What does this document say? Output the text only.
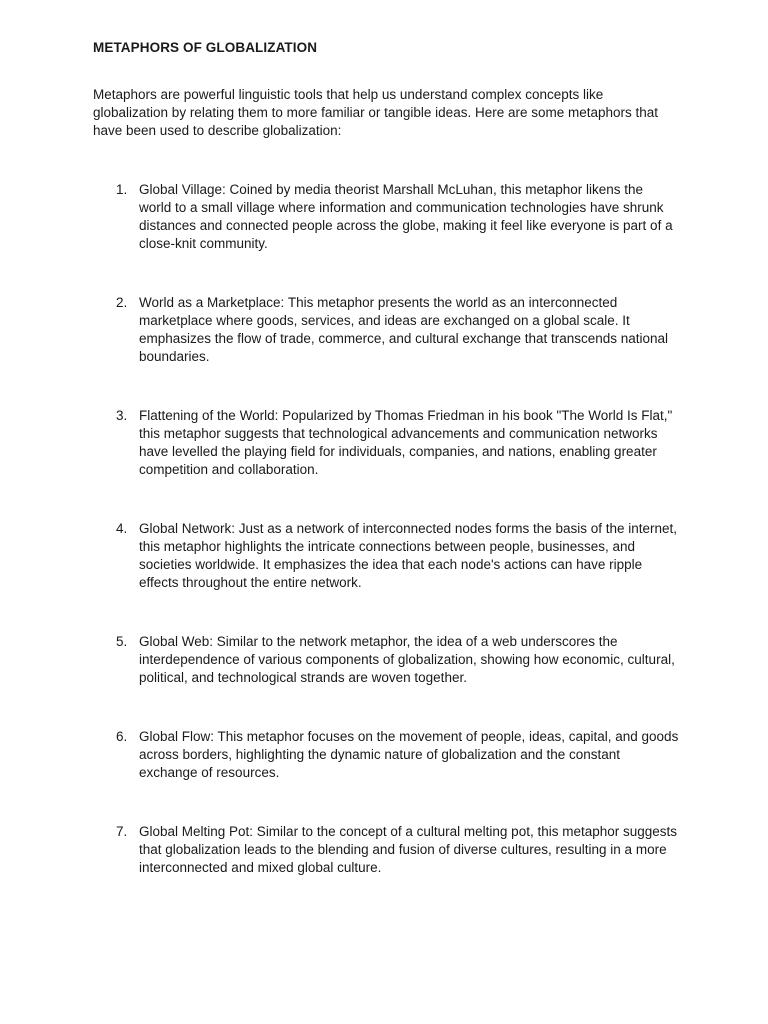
METAPHORS OF GLOBALIZATION

Metaphors are powerful linguistic tools that help us understand complex concepts like globalization by relating them to more familiar or tangible ideas. Here are some metaphors that have been used to describe globalization:

1. Global Village: Coined by media theorist Marshall McLuhan, this metaphor likens the world to a small village where information and communication technologies have shrunk distances and connected people across the globe, making it feel like everyone is part of a close-knit community.

2. World as a Marketplace: This metaphor presents the world as an interconnected marketplace where goods, services, and ideas are exchanged on a global scale. It emphasizes the flow of trade, commerce, and cultural exchange that transcends national boundaries.

3. Flattening of the World: Popularized by Thomas Friedman in his book "The World Is Flat," this metaphor suggests that technological advancements and communication networks have levelled the playing field for individuals, companies, and nations, enabling greater competition and collaboration.

4. Global Network: Just as a network of interconnected nodes forms the basis of the internet, this metaphor highlights the intricate connections between people, businesses, and societies worldwide. It emphasizes the idea that each node's actions can have ripple effects throughout the entire network.

5. Global Web: Similar to the network metaphor, the idea of a web underscores the interdependence of various components of globalization, showing how economic, cultural, political, and technological strands are woven together.

6. Global Flow: This metaphor focuses on the movement of people, ideas, capital, and goods across borders, highlighting the dynamic nature of globalization and the constant exchange of resources.

7. Global Melting Pot: Similar to the concept of a cultural melting pot, this metaphor suggests that globalization leads to the blending and fusion of diverse cultures, resulting in a more interconnected and mixed global culture.
